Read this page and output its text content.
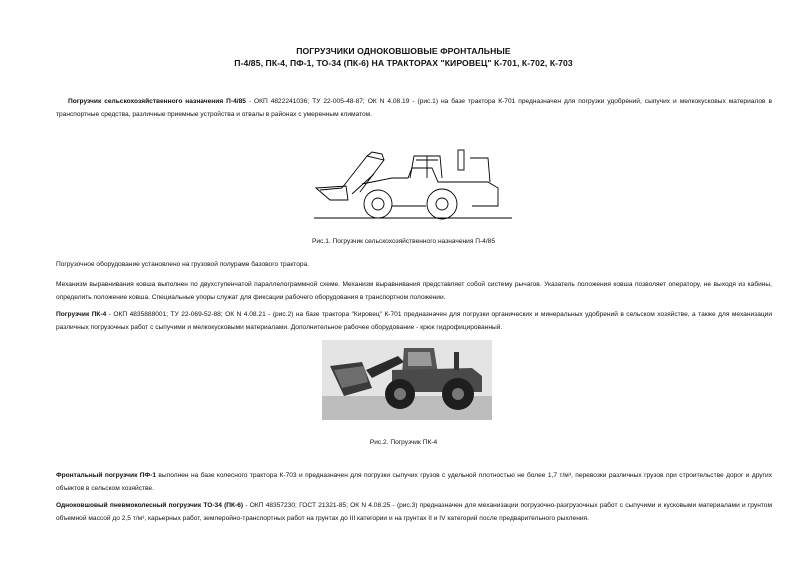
ПОГРУЗЧИКИ ОДНОКОВШОВЫЕ ФРОНТАЛЬНЫЕ
П-4/85, ПК-4, ПФ-1, ТО-34 (ПК-6) НА ТРАКТОРАХ "КИРОВЕЦ" К-701, К-702, К-703
Погрузчик сельскохозяйственного назначения П-4/85 - ОКП 4822241036; ТУ 22-005-48-87; ОК N 4.08.19 - (рис.1) на базе трактора К-701 предназначен для погрузки удобрений, сыпучих и мелкокусковых материалов в транспортные средства, различные приемные устройства и отвалы в районах с умеренным климатом.
Рис.1. Погрузчик сельскохозяйственного назначения П-4/85
Погрузочное оборудование установлено на грузовой полураме базового трактора.
Механизм выравнивания ковша выполнен по двухступенчатой параллелограммной схеме. Механизм выравнивания представляет собой систему рычагов. Указатель положения ковша позволяет оператору, не выходя из кабины, определить положение ковша. Специальные упоры служат для фиксации рабочего оборудования в транспортном положении.
Погрузчик ПК-4 - ОКП 4835888001; ТУ 22-069-52-88; ОК N 4.08.21 - (рис.2) на базе трактора "Кировец" К-701 предназначен для погрузки органических и минеральных удобрений в сельском хозяйстве, а также для механизации различных погрузочных работ с сыпучими и мелкокусковыми материалами. Дополнительное рабочее оборудование - крюк гидрофицированный.
Рис.2. Погрузчик ПК-4
Фронтальный погрузчик ПФ-1 выполнен на базе колесного трактора К-703 и предназначен для погрузки сыпучих грузов с удельной плотностью не более 1,7 т/м³, перевозки различных грузов при строительстве дорог и других объектов в сельском хозяйстве.
Одноковшовый пневмоколесный погрузчик ТО-34 (ПК-6) - ОКП 48357230; ГОСТ 21321-85; ОК N 4.08.25 - (рис.3) предназначен для механизации погрузочно-разгрузочных работ с сыпучими и кусковыми материалами и грунтом объемной массой до 2,5 т/м³, карьерных работ, землеройно-транспортных работ на грунтах до III категории и на грунтах II и IV категорий после предварительного рыхления.
